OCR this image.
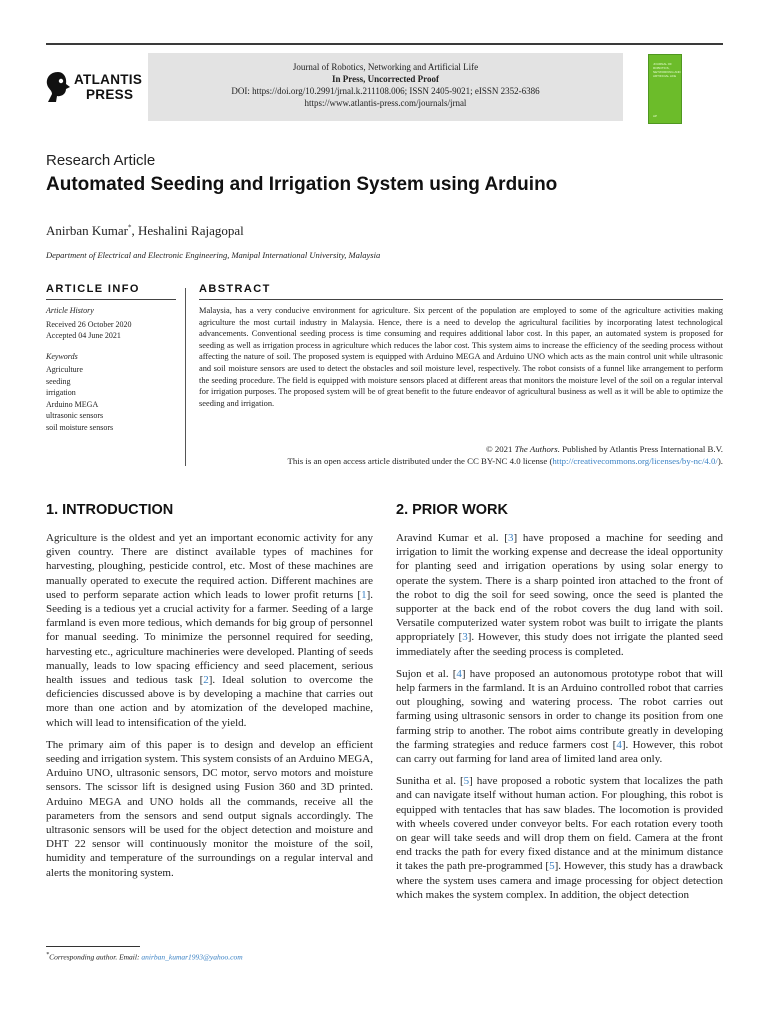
ATLANTIS
PRESS
Journal of Robotics, Networking and Artificial Life
In Press, Uncorrected Proof
DOI: https://doi.org/10.2991/jrnal.k.211108.006; ISSN 2405-9021; eISSN 2352-6386
https://www.atlantis-press.com/journals/jrnal
JOURNAL OF ROBOTICS, NETWORKING AND ARTIFICIAL LIFE
AP
Research Article
Automated Seeding and Irrigation System using Arduino
Anirban Kumar*, Heshalini Rajagopal
Department of Electrical and Electronic Engineering, Manipal International University, Malaysia
ARTICLE INFO	ABSTRACT
Article History
Received 26 October 2020
Accepted 04 June 2021
Keywords
Agriculture
seeding
irrigation
Arduino MEGA
ultrasonic sensors
soil moisture sensors
Malaysia, has a very conducive environment for agriculture. Six percent of the population are employed to some of the agriculture activities making agriculture the most curtail industry in Malaysia. Hence, there is a need to develop the agricultural facilities by incorporating latest technological advancements. Conventional seeding process is time consuming and requires additional labor cost. In this paper, an automated system is proposed for seeding as well as irrigation process in agriculture which reduces the labor cost. This system aims to increase the efficiency of the seeding process without affecting the nature of soil. The proposed system is equipped with Arduino MEGA and Arduino UNO which acts as the main control unit while ultrasonic and soil moisture sensors are used to detect the obstacles and soil moisture level, respectively. The robot consists of a funnel like arrangement to perform the seeding procedure. The field is equipped with moisture sensors placed at different areas that monitors the moisture level of the soil on a regular interval for irrigation purposes. The proposed system will be of great benefit to the future endeavor of agricultural business as well as it will be able to optimize the seeding and irrigation.
© 2021 The Authors. Published by Atlantis Press International B.V.
This is an open access article distributed under the CC BY-NC 4.0 license (http://creativecommons.org/licenses/by-nc/4.0/).
1. INTRODUCTION

Agriculture is the oldest and yet an important economic activity for any given country. There are distinct available types of machines for harvesting, ploughing, pesticide control, etc. Most of these machines are manually operated to execute the required action. Different machines are used to perform separate action which leads to lower profit returns [1]. Seeding is a tedious yet a crucial activity for a farmer. Seeding of a large farmland is even more tedious, which demands for big group of personnel for manual seeding. To minimize the personnel required for seeding, harvesting etc., agriculture machineries were developed. Planting of seeds manually, leads to low spacing efficiency and seed placement, serious health issues and tedious task [2]. Ideal solution to overcome the deficiencies discussed above is by developing a machine that carries out more than one action and by atomization of the developed machine, which will lead to intensification of the yield.

The primary aim of this paper is to design and develop an efficient seeding and irrigation system. This system consists of an Arduino MEGA, Arduino UNO, ultrasonic sensors, DC motor, servo motors and moisture sensors. The scissor lift is designed using Fusion 360 and 3D printed. Arduino MEGA and UNO holds all the commands, receive all the parameters from the sensors and send output signals accordingly. The ultrasonic sensors will be used for the object detection and moisture and DHT 22 sensor will continuously monitor the moisture of the soil, humidity and temperature of the surroundings on a regular interval and alerts the monitoring system.

2. PRIOR WORK

Aravind Kumar et al. [3] have proposed a machine for seeding and irrigation to limit the working expense and decrease the ideal opportunity for planting seed and irrigation operations by using solar energy to operate the system. There is a sharp pointed iron attached to the front of the robot to dig the soil for seed sowing, once the seed is planted the supporter at the back end of the robot covers the dug land with soil. Versatile computerized water system robot was built to irrigate the plants appropriately [3]. However, this study does not irrigate the planted seed immediately after the seeding process is completed.

Sujon et al. [4] have proposed an autonomous prototype robot that will help farmers in the farmland. It is an Arduino controlled robot that carries out ploughing, sowing and watering process. The robot carries out farming using ultrasonic sensors in order to change its position from one farming strip to another. The robot aims contribute greatly in developing the farming strategies and reduce farmers cost [4]. However, this robot can carry out farming for land area of limited land area only.

Sunitha et al. [5] have proposed a robotic system that localizes the path and can navigate itself without human action. For ploughing, this robot is equipped with tentacles that has saw blades. The locomotion is provided with wheels covered under conveyor belts. For each rotation every tooth on gear will take seeds and will drop them on field. Camera at the front end tracks the path for every fixed distance and at the minimum distance it takes the path pre-programmed [5]. However, this study has a drawback where the system uses camera and image processing for object detection which makes the system complex. In addition, the object detection

*Corresponding author. Email: anirban_kumar1993@yahoo.com
